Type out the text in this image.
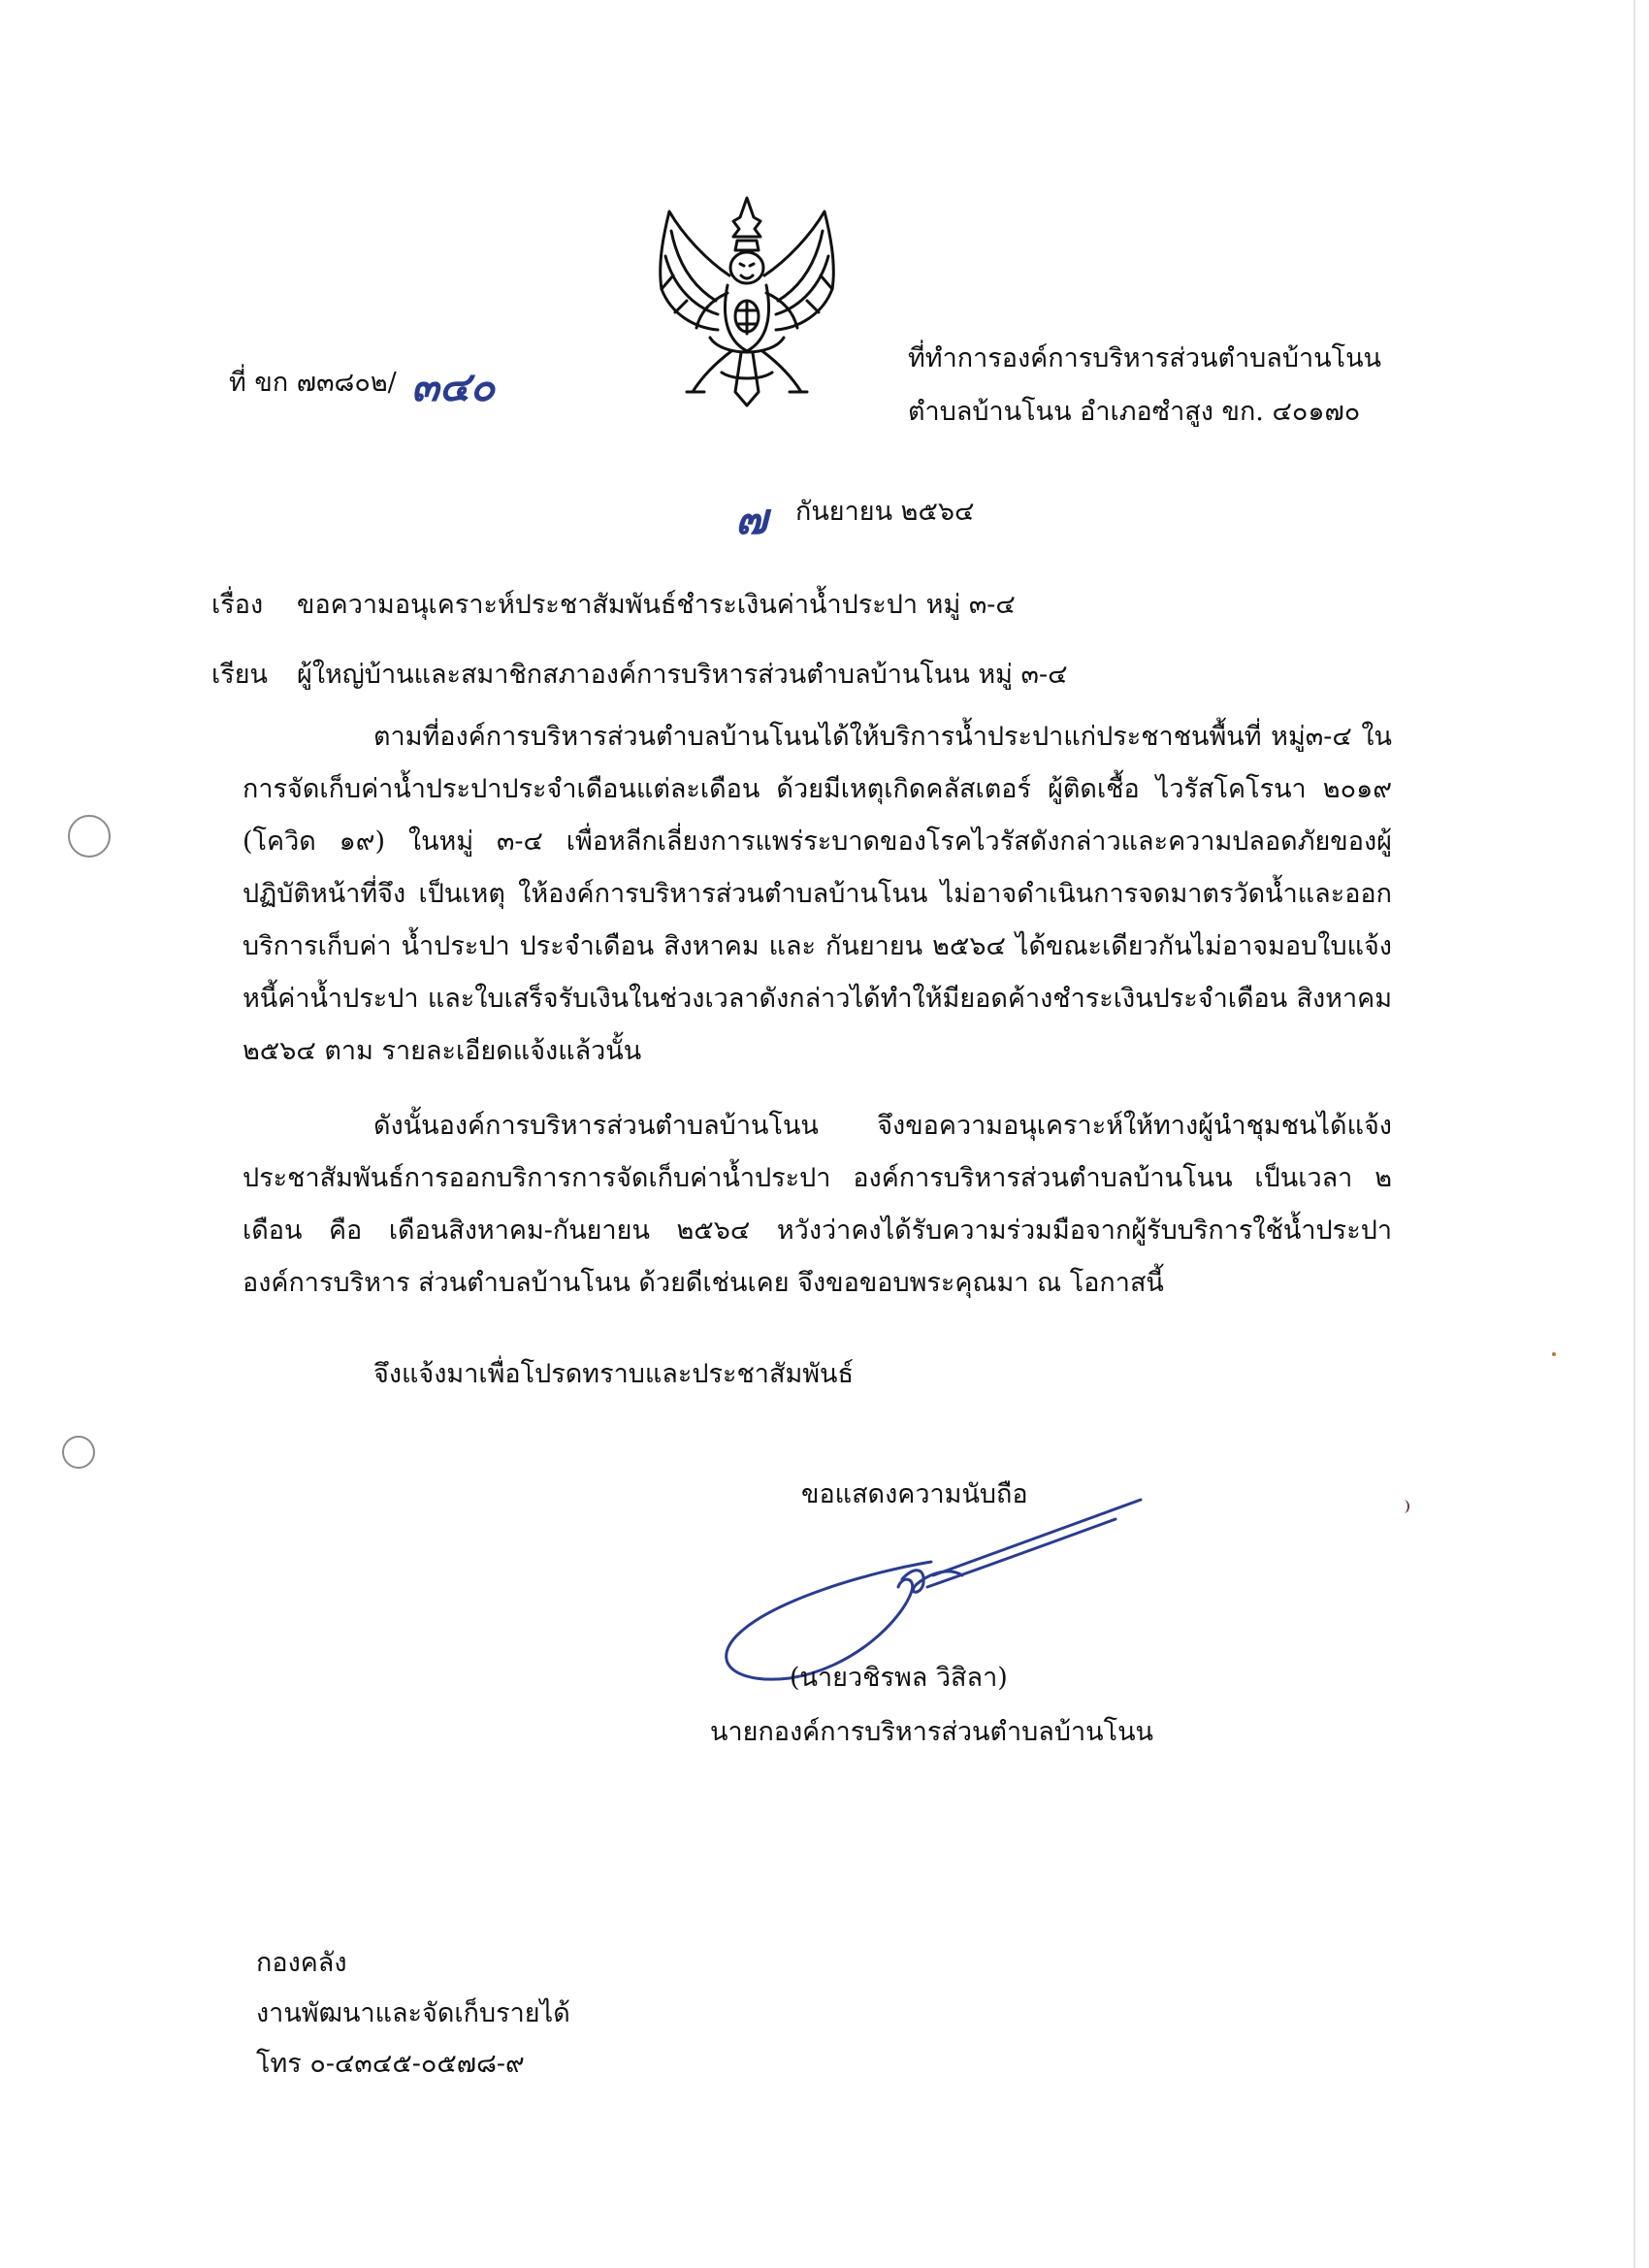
ที่ ขก ๗๓๘๐๒/ ๓๔๐
ที่ทำการองค์การบริหารส่วนตำบลบ้านโนน
ตำบลบ้านโนน อำเภอซำสูง ขก. ๔๐๑๗๐
๗ กันยายน ๒๕๖๔
เรื่อง ขอความอนุเคราะห์ประชาสัมพันธ์ชำระเงินค่าน้ำประปา หมู่ ๓-๔
เรียน ผู้ใหญ่บ้านและสมาชิกสภาองค์การบริหารส่วนตำบลบ้านโนน หมู่ ๓-๔
ตามที่องค์การบริหารส่วนตำบลบ้านโนนได้ให้บริการน้ำประปาแก่ประชาชนพื้นที่ หมู่๓-๔ ใน การจัดเก็บค่าน้ำประปาประจำเดือนแต่ละเดือน ด้วยมีเหตุเกิดคลัสเตอร์ ผู้ติดเชื้อ ไวรัสโคโรนา ๒๐๑๙ (โควิด ๑๙) ในหมู่ ๓-๔ เพื่อหลีกเลี่ยงการแพร่ระบาดของโรคไวรัสดังกล่าวและความปลอดภัยของผู้ปฏิบัติหน้าที่จึง เป็นเหตุ ให้องค์การบริหารส่วนตำบลบ้านโนน ไม่อาจดำเนินการจดมาตรวัดน้ำและออกบริการเก็บค่า น้ำประปา ประจำเดือน สิงหาคม และ กันยายน ๒๕๖๔ ได้ขณะเดียวกันไม่อาจมอบใบแจ้งหนี้ค่าน้ำประปา และใบเสร็จรับเงินในช่วงเวลาดังกล่าวได้ทำให้มียอดค้างชำระเงินประจำเดือน สิงหาคม ๒๕๖๔ ตาม รายละเอียดแจ้งแล้วนั้น
ดังนั้นองค์การบริหารส่วนตำบลบ้านโนน จึงขอความอนุเคราะห์ให้ทางผู้นำชุมชนได้แจ้ง ประชาสัมพันธ์การออกบริการการจัดเก็บค่าน้ำประปา องค์การบริหารส่วนตำบลบ้านโนน เป็นเวลา ๒ เดือน คือ เดือนสิงหาคม-กันยายน ๒๕๖๔ หวังว่าคงได้รับความร่วมมือจากผู้รับบริการใช้น้ำประปา องค์การบริหาร ส่วนตำบลบ้านโนน ด้วยดีเช่นเคย จึงขอขอบพระคุณมา ณ โอกาสนี้
จึงแจ้งมาเพื่อโปรดทราบและประชาสัมพันธ์
ขอแสดงความนับถือ
(นายวชิรพล วิสิลา)
นายกองค์การบริหารส่วนตำบลบ้านโนน
กองคลัง
งานพัฒนาและจัดเก็บรายได้
โทร ๐-๔๓๔๕-๐๕๗๘-๙
